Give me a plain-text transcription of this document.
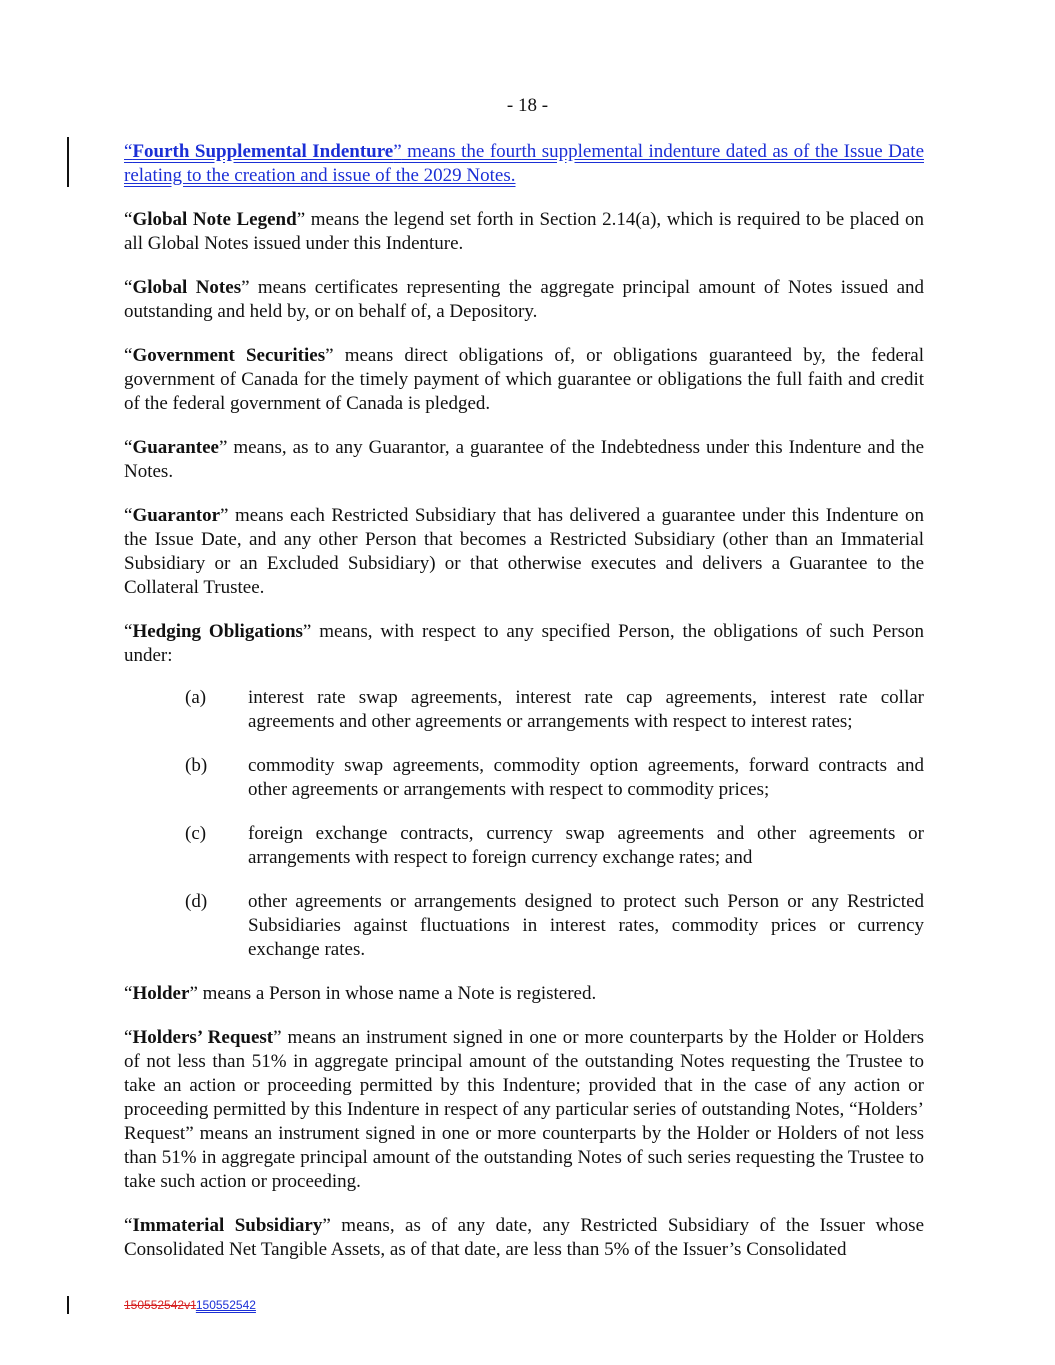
- 18 -

“Fourth Supplemental Indenture” means the fourth supplemental indenture dated as of the Issue Date relating to the creation and issue of the 2029 Notes.

“Global Note Legend” means the legend set forth in Section 2.14(a), which is required to be placed on all Global Notes issued under this Indenture.

“Global Notes” means certificates representing the aggregate principal amount of Notes issued and outstanding and held by, or on behalf of, a Depository.

“Government Securities” means direct obligations of, or obligations guaranteed by, the federal government of Canada for the timely payment of which guarantee or obligations the full faith and credit of the federal government of Canada is pledged.

“Guarantee” means, as to any Guarantor, a guarantee of the Indebtedness under this Indenture and the Notes.

“Guarantor” means each Restricted Subsidiary that has delivered a guarantee under this Indenture on the Issue Date, and any other Person that becomes a Restricted Subsidiary (other than an Immaterial Subsidiary or an Excluded Subsidiary) or that otherwise executes and delivers a Guarantee to the Collateral Trustee.

“Hedging Obligations” means, with respect to any specified Person, the obligations of such Person under:

(a) interest rate swap agreements, interest rate cap agreements, interest rate collar agreements and other agreements or arrangements with respect to interest rates;
(b) commodity swap agreements, commodity option agreements, forward contracts and other agreements or arrangements with respect to commodity prices;
(c) foreign exchange contracts, currency swap agreements and other agreements or arrangements with respect to foreign currency exchange rates; and
(d) other agreements or arrangements designed to protect such Person or any Restricted Subsidiaries against fluctuations in interest rates, commodity prices or currency exchange rates.

“Holder” means a Person in whose name a Note is registered.

“Holders’ Request” means an instrument signed in one or more counterparts by the Holder or Holders of not less than 51% in aggregate principal amount of the outstanding Notes requesting the Trustee to take an action or proceeding permitted by this Indenture; provided that in the case of any action or proceeding permitted by this Indenture in respect of any particular series of outstanding Notes, “Holders’ Request” means an instrument signed in one or more counterparts by the Holder or Holders of not less than 51% in aggregate principal amount of the outstanding Notes of such series requesting the Trustee to take such action or proceeding.

“Immaterial Subsidiary” means, as of any date, any Restricted Subsidiary of the Issuer whose Consolidated Net Tangible Assets, as of that date, are less than 5% of the Issuer’s Consolidated

150552542v1150552542
